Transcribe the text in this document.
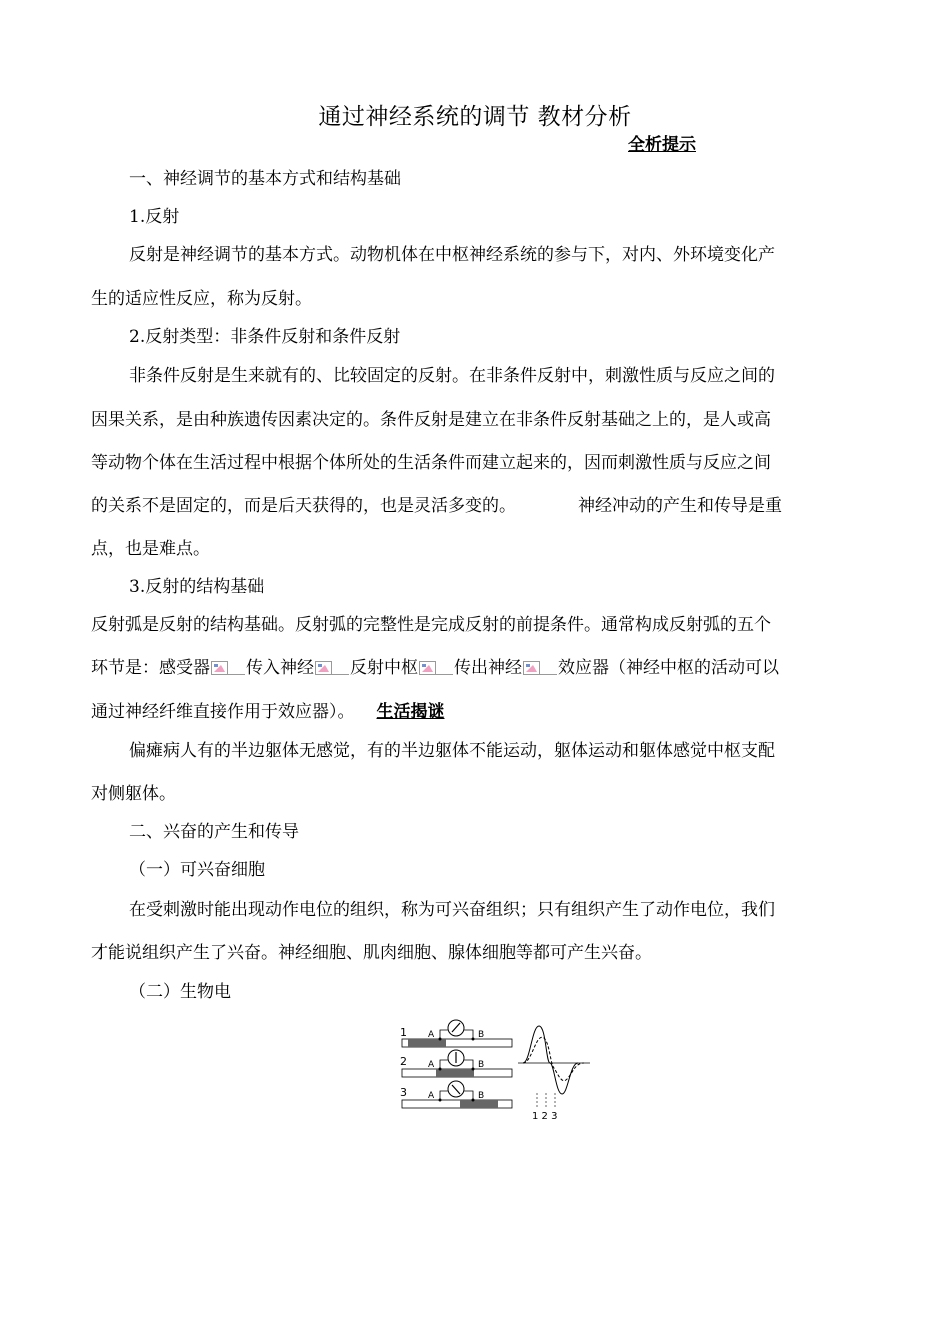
通过神经系统的调节 教材分析
全析提示
一、神经调节的基本方式和结构基础
1.反射
反射是神经调节的基本方式。动物机体在中枢神经系统的参与下，对内、外环境变化产
生的适应性反应，称为反射。
2.反射类型：非条件反射和条件反射
非条件反射是生来就有的、比较固定的反射。在非条件反射中，刺激性质与反应之间的
因果关系，是由种族遗传因素决定的。条件反射是建立在非条件反射基础之上的，是人或高
等动物个体在生活过程中根据个体所处的生活条件而建立起来的，因而刺激性质与反应之间
的关系不是固定的，而是后天获得的，也是灵活多变的。	神经冲动的产生和传导是重
点，也是难点。
3.反射的结构基础
反射弧是反射的结构基础。反射弧的完整性是完成反射的前提条件。通常构成反射弧的五个
环节是：感受器 传入神经 反射中枢 传出神经 效应器（神经中枢的活动可以
通过神经纤维直接作用于效应器）。 生活揭谜
偏瘫病人有的半边躯体无感觉，有的半边躯体不能运动，躯体运动和躯体感觉中枢支配
对侧躯体。
二、兴奋的产生和传导
（一）可兴奋细胞
在受刺激时能出现动作电位的组织，称为可兴奋组织；只有组织产生了动作电位，我们
才能说组织产生了兴奋。神经细胞、肌肉细胞、腺体细胞等都可产生兴奋。
（二）生物电
1 A	B
2 A	B
3 A	B
1 2 3
